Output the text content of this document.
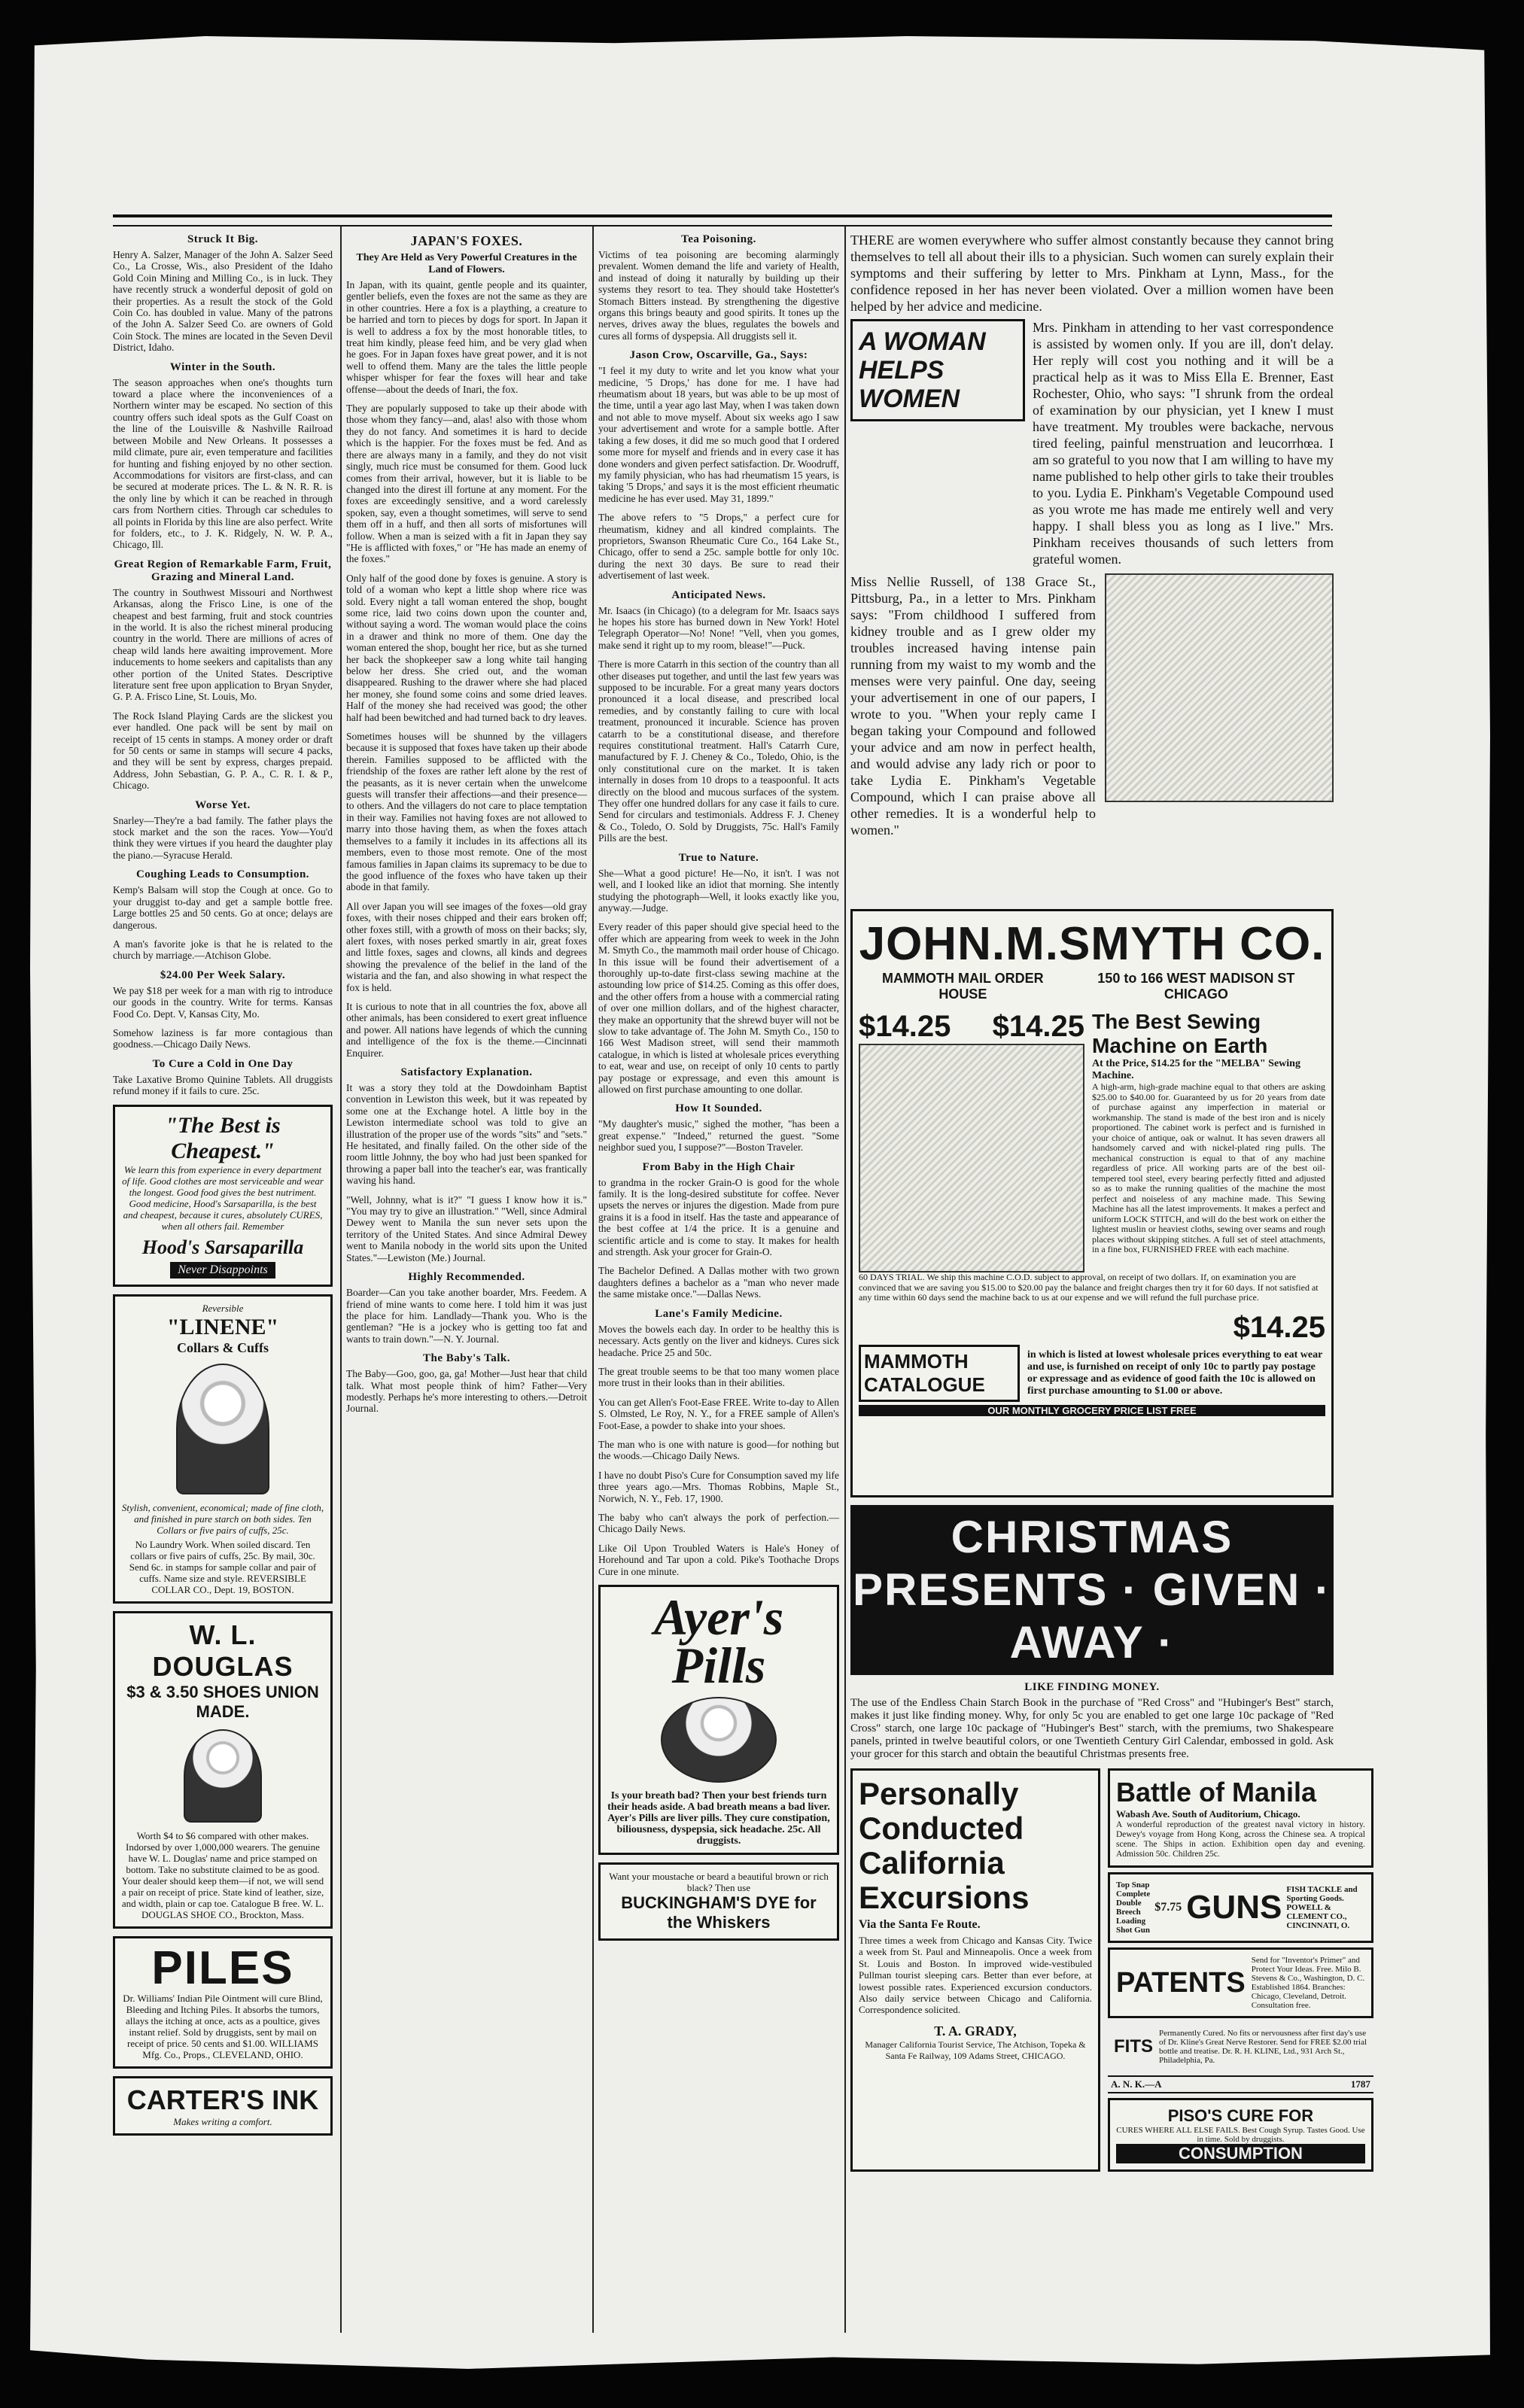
Struck It Big.

Henry A. Salzer, Manager of the John A. Salzer Seed Co., La Crosse, Wis., also President of the Idaho Gold Coin Mining and Milling Co., is in luck. They have recently struck a wonderful deposit of gold on their properties. As a result the stock of the Gold Coin Co. has doubled in value. Many of the patrons of the John A. Salzer Seed Co. are owners of Gold Coin Stock. The mines are located in the Seven Devil District, Idaho.

Winter in the South.

The season approaches when one's thoughts turn toward a place where the inconveniences of a Northern winter may be escaped. No section of this country offers such ideal spots as the Gulf Coast on the line of the Louisville & Nashville Railroad between Mobile and New Orleans. It possesses a mild climate, pure air, even temperature and facilities for hunting and fishing enjoyed by no other section. Accommodations for visitors are first-class, and can be secured at moderate prices. The L. & N. R. R. is the only line by which it can be reached in through cars from Northern cities. Through car schedules to all points in Florida by this line are also perfect. Write for folders, etc., to J. K. Ridgely, N. W. P. A., Chicago, Ill.

Great Region of Remarkable Farm, Fruit, Grazing and Mineral Land.

The country in Southwest Missouri and Northwest Arkansas, along the Frisco Line, is one of the cheapest and best farming, fruit and stock countries in the world. It is also the richest mineral producing country in the world. There are millions of acres of cheap wild lands here awaiting improvement. More inducements to home seekers and capitalists than any other portion of the United States. Descriptive literature sent free upon application to Bryan Snyder, G. P. A. Frisco Line, St. Louis, Mo.

The Rock Island Playing Cards are the slickest you ever handled. One pack will be sent by mail on receipt of 15 cents in stamps. A money order or draft for 50 cents or same in stamps will secure 4 packs, and they will be sent by express, charges prepaid. Address, John Sebastian, G. P. A., C. R. I. & P., Chicago.

Worse Yet.

Snarley—They're a bad family. The father plays the stock market and the son the races. Yow—You'd think they were virtues if you heard the daughter play the piano.—Syracuse Herald.

Coughing Leads to Consumption.

Kemp's Balsam will stop the Cough at once. Go to your druggist to-day and get a sample bottle free. Large bottles 25 and 50 cents. Go at once; delays are dangerous.

A man's favorite joke is that he is related to the church by marriage.—Atchison Globe.

$24.00 Per Week Salary.

We pay $18 per week for a man with rig to introduce our goods in the country. Write for terms. Kansas Food Co. Dept. V, Kansas City, Mo.

Somehow laziness is far more contagious than goodness.—Chicago Daily News.

To Cure a Cold in One Day

Take Laxative Bromo Quinine Tablets. All druggists refund money if it fails to cure. 25c.

"The Best is Cheapest."
We learn this from experience in every department of life. Good clothes are most serviceable and wear the longest. Good food gives the best nutriment. Good medicine, Hood's Sarsaparilla, is the best and cheapest, because it cures, absolutely CURES, when all others fail. Remember
Hood's Sarsaparilla
Never Disappoints
Reversible
"LINENE"
Collars & Cuffs
Stylish, convenient, economical; made of fine cloth, and finished in pure starch on both sides. Ten Collars or five pairs of cuffs, 25c.
No Laundry Work. When soiled discard. Ten collars or five pairs of cuffs, 25c. By mail, 30c. Send 6c. in stamps for sample collar and pair of cuffs. Name size and style. REVERSIBLE COLLAR CO., Dept. 19, BOSTON.
W. L. DOUGLAS
$3 & 3.50 SHOES UNION MADE.
Worth $4 to $6 compared with other makes. Indorsed by over 1,000,000 wearers. The genuine have W. L. Douglas' name and price stamped on bottom. Take no substitute claimed to be as good. Your dealer should keep them—if not, we will send a pair on receipt of price. State kind of leather, size, and width, plain or cap toe. Catalogue B free. W. L. DOUGLAS SHOE CO., Brockton, Mass.
PILES
Dr. Williams' Indian Pile Ointment will cure Blind, Bleeding and Itching Piles. It absorbs the tumors, allays the itching at once, acts as a poultice, gives instant relief. Sold by druggists, sent by mail on receipt of price. 50 cents and $1.00. WILLIAMS Mfg. Co., Props., CLEVELAND, OHIO.
CARTER'S INK
Makes writing a comfort.
JAPAN'S FOXES.
They Are Held as Very Powerful Creatures in the Land of Flowers.

In Japan, with its quaint, gentle people and its quainter, gentler beliefs, even the foxes are not the same as they are in other countries. Here a fox is a plaything, a creature to be harried and torn to pieces by dogs for sport. In Japan it is well to address a fox by the most honorable titles, to treat him kindly, please feed him, and be very glad when he goes. For in Japan foxes have great power, and it is not well to offend them. Many are the tales the little people whisper whisper for fear the foxes will hear and take offense—about the deeds of Inari, the fox.

They are popularly supposed to take up their abode with those whom they fancy—and, alas! also with those whom they do not fancy. And sometimes it is hard to decide which is the happier. For the foxes must be fed. And as there are always many in a family, and they do not visit singly, much rice must be consumed for them. Good luck comes from their arrival, however, but it is liable to be changed into the direst ill fortune at any moment. For the foxes are exceedingly sensitive, and a word carelessly spoken, say, even a thought sometimes, will serve to send them off in a huff, and then all sorts of misfortunes will follow. When a man is seized with a fit in Japan they say "He is afflicted with foxes," or "He has made an enemy of the foxes."

Only half of the good done by foxes is genuine. A story is told of a woman who kept a little shop where rice was sold. Every night a tall woman entered the shop, bought some rice, laid two coins down upon the counter and, without saying a word. The woman would place the coins in a drawer and think no more of them. One day the woman entered the shop, bought her rice, but as she turned her back the shopkeeper saw a long white tail hanging below her dress. She cried out, and the woman disappeared. Rushing to the drawer where she had placed her money, she found some coins and some dried leaves. Half of the money she had received was good; the other half had been bewitched and had turned back to dry leaves.

Sometimes houses will be shunned by the villagers because it is supposed that foxes have taken up their abode therein. Families supposed to be afflicted with the friendship of the foxes are rather left alone by the rest of the peasants, as it is never certain when the unwelcome guests will transfer their affections—and their presence—to others. And the villagers do not care to place temptation in their way. Families not having foxes are not allowed to marry into those having them, as when the foxes attach themselves to a family it includes in its affections all its members, even to those most remote. One of the most famous families in Japan claims its supremacy to be due to the good influence of the foxes who have taken up their abode in that family.

All over Japan you will see images of the foxes—old gray foxes, with their noses chipped and their ears broken off; other foxes still, with a growth of moss on their backs; sly, alert foxes, with noses perked smartly in air, great foxes and little foxes, sages and clowns, all kinds and degrees showing the prevalence of the belief in the land of the wistaria and the fan, and also showing in what respect the fox is held.

It is curious to note that in all countries the fox, above all other animals, has been considered to exert great influence and power. All nations have legends of which the cunning and intelligence of the fox is the theme.—Cincinnati Enquirer.

Satisfactory Explanation.

It was a story they told at the Dowdoinham Baptist convention in Lewiston this week, but it was repeated by some one at the Exchange hotel. A little boy in the Lewiston intermediate school was told to give an illustration of the proper use of the words "sits" and "sets." He hesitated, and finally failed. On the other side of the room little Johnny, the boy who had just been spanked for throwing a paper ball into the teacher's ear, was frantically waving his hand.

"Well, Johnny, what is it?" "I guess I know how it is." "You may try to give an illustration." "Well, since Admiral Dewey went to Manila the sun never sets upon the territory of the United States. And since Admiral Dewey went to Manila nobody in the world sits upon the United States."—Lewiston (Me.) Journal.

Highly Recommended.

Boarder—Can you take another boarder, Mrs. Feedem. A friend of mine wants to come here. I told him it was just the place for him. Landlady—Thank you. Who is the gentleman? "He is a jockey who is getting too fat and wants to train down."—N. Y. Journal.

The Baby's Talk.

The Baby—Goo, goo, ga, ga! Mother—Just hear that child talk. What most people think of him? Father—Very modestly. Perhaps he's more interesting to others.—Detroit Journal.

Tea Poisoning.

Victims of tea poisoning are becoming alarmingly prevalent. Women demand the life and variety of Health, and instead of doing it naturally by building up their systems they resort to tea. They should take Hostetter's Stomach Bitters instead. By strengthening the digestive organs this brings beauty and good spirits. It tones up the nerves, drives away the blues, regulates the bowels and cures all forms of dyspepsia. All druggists sell it.

Jason Crow, Oscarville, Ga., Says:

"I feel it my duty to write and let you know what your medicine, '5 Drops,' has done for me. I have had rheumatism about 18 years, but was able to be up most of the time, until a year ago last May, when I was taken down and not able to move myself. About six weeks ago I saw your advertisement and wrote for a sample bottle. After taking a few doses, it did me so much good that I ordered some more for myself and friends and in every case it has done wonders and given perfect satisfaction. Dr. Woodruff, my family physician, who has had rheumatism 15 years, is taking '5 Drops,' and says it is the most efficient rheumatic medicine he has ever used. May 31, 1899."

The above refers to "5 Drops," a perfect cure for rheumatism, kidney and all kindred complaints. The proprietors, Swanson Rheumatic Cure Co., 164 Lake St., Chicago, offer to send a 25c. sample bottle for only 10c. during the next 30 days. Be sure to read their advertisement of last week.

Anticipated News.

Mr. Isaacs (in Chicago) (to a delegram for Mr. Isaacs says he hopes his store has burned down in New York! Hotel Telegraph Operator—No! None! "Vell, vhen you gomes, make send it right up to my room, blease!"—Puck.

There is more Catarrh in this section of the country than all other diseases put together, and until the last few years was supposed to be incurable. For a great many years doctors pronounced it a local disease, and prescribed local remedies, and by constantly failing to cure with local treatment, pronounced it incurable. Science has proven catarrh to be a constitutional disease, and therefore requires constitutional treatment. Hall's Catarrh Cure, manufactured by F. J. Cheney & Co., Toledo, Ohio, is the only constitutional cure on the market. It is taken internally in doses from 10 drops to a teaspoonful. It acts directly on the blood and mucous surfaces of the system. They offer one hundred dollars for any case it fails to cure. Send for circulars and testimonials. Address F. J. Cheney & Co., Toledo, O. Sold by Druggists, 75c. Hall's Family Pills are the best.

True to Nature.

She—What a good picture! He—No, it isn't. I was not well, and I looked like an idiot that morning. She intently studying the photograph—Well, it looks exactly like you, anyway.—Judge.

Every reader of this paper should give special heed to the offer which are appearing from week to week in the John M. Smyth Co., the mammoth mail order house of Chicago. In this issue will be found their advertisement of a thoroughly up-to-date first-class sewing machine at the astounding low price of $14.25. Coming as this offer does, and the other offers from a house with a commercial rating of over one million dollars, and of the highest character, they make an opportunity that the shrewd buyer will not be slow to take advantage of. The John M. Smyth Co., 150 to 166 West Madison street, will send their mammoth catalogue, in which is listed at wholesale prices everything to eat, wear and use, on receipt of only 10 cents to partly pay postage or expressage, and even this amount is allowed on first purchase amounting to one dollar.

How It Sounded.

"My daughter's music," sighed the mother, "has been a great expense." "Indeed," returned the guest. "Some neighbor sued you, I suppose?"—Boston Traveler.

From Baby in the High Chair

to grandma in the rocker Grain-O is good for the whole family. It is the long-desired substitute for coffee. Never upsets the nerves or injures the digestion. Made from pure grains it is a food in itself. Has the taste and appearance of the best coffee at 1/4 the price. It is a genuine and scientific article and is come to stay. It makes for health and strength. Ask your grocer for Grain-O.

The Bachelor Defined. A Dallas mother with two grown daughters defines a bachelor as a "man who never made the same mistake once."—Dallas News.

Lane's Family Medicine.

Moves the bowels each day. In order to be healthy this is necessary. Acts gently on the liver and kidneys. Cures sick headache. Price 25 and 50c.

The great trouble seems to be that too many women place more trust in their looks than in their abilities.

You can get Allen's Foot-Ease FREE. Write to-day to Allen S. Olmsted, Le Roy, N. Y., for a FREE sample of Allen's Foot-Ease, a powder to shake into your shoes.

The man who is one with nature is good—for nothing but the woods.—Chicago Daily News.

I have no doubt Piso's Cure for Consumption saved my life three years ago.—Mrs. Thomas Robbins, Maple St., Norwich, N. Y., Feb. 17, 1900.

The baby who can't always the pork of perfection.—Chicago Daily News.

Like Oil Upon Troubled Waters is Hale's Honey of Horehound and Tar upon a cold. Pike's Toothache Drops Cure in one minute.

Ayer's Pills
Is your breath bad? Then your best friends turn their heads aside. A bad breath means a bad liver. Ayer's Pills are liver pills. They cure constipation, biliousness, dyspepsia, sick headache. 25c. All druggists.
Want your moustache or beard a beautiful brown or rich black? Then use
BUCKINGHAM'S DYE for the Whiskers

THERE are women everywhere who suffer almost constantly because they cannot bring themselves to tell all about their ills to a physician. Such women can surely explain their symptoms and their suffering by letter to Mrs. Pinkham at Lynn, Mass., for the confidence reposed in her has never been violated. Over a million women have been helped by her advice and medicine.

A WOMAN HELPS WOMEN

Mrs. Pinkham in attending to her vast correspondence is assisted by women only. If you are ill, don't delay. Her reply will cost you nothing and it will be a practical help as it was to Miss Ella E. Brenner, East Rochester, Ohio, who says: "I shrunk from the ordeal of examination by our physician, yet I knew I must have treatment. My troubles were backache, nervous tired feeling, painful menstruation and leucorrhœa. I am so grateful to you now that I am willing to have my name published to help other girls to take their troubles to you. Lydia E. Pinkham's Vegetable Compound used as you wrote me has made me entirely well and very happy. I shall bless you as long as I live." Mrs. Pinkham receives thousands of such letters from grateful women.

Miss Nellie Russell, of 138 Grace St., Pittsburg, Pa., in a letter to Mrs. Pinkham says: "From childhood I suffered from kidney trouble and as I grew older my troubles increased having intense pain running from my waist to my womb and the menses were very painful. One day, seeing your advertisement in one of our papers, I wrote to you. "When your reply came I began taking your Compound and followed your advice and am now in perfect health, and would advise any lady rich or poor to take Lydia E. Pinkham's Vegetable Compound, which I can praise above all other remedies. It is a wonderful help to women."

JOHN.M.SMYTH CO.
MAMMOTH MAIL ORDER HOUSE
150 to 166 WEST MADISON ST CHICAGO
$14.25 $14.25 The Best Sewing Machine on Earth
At the Price, $14.25 for the "MELBA" Sewing Machine.

A high-arm, high-grade machine equal to that others are asking $25.00 to $40.00 for. Guaranteed by us for 20 years from date of purchase against any imperfection in material or workmanship. The stand is made of the best iron and is nicely proportioned. The cabinet work is perfect and is furnished in your choice of antique, oak or walnut. It has seven drawers all handsomely carved and with nickel-plated ring pulls. The mechanical construction is equal to that of any machine regardless of price. All working parts are of the best oil-tempered tool steel, every bearing perfectly fitted and adjusted so as to make the running qualities of the machine the most perfect and noiseless of any machine made. This Sewing Machine has all the latest improvements. It makes a perfect and uniform LOCK STITCH, and will do the best work on either the lightest muslin or heaviest cloths, sewing over seams and rough places without skipping stitches. A full set of steel attachments, in a fine box, FURNISHED FREE with each machine.

60 DAYS TRIAL. We ship this machine C.O.D. subject to approval, on receipt of two dollars. If, on examination you are convinced that we are saving you $15.00 to $20.00 pay the balance and freight charges then try it for 60 days. If not satisfied at any time within 60 days send the machine back to us at our expense and we will refund the full purchase price.

$14.25
MAMMOTH CATALOGUE
in which is listed at lowest wholesale prices everything to eat wear and use, is furnished on receipt of only 10c to partly pay postage or expressage and as evidence of good faith the 10c is allowed on first purchase amounting to $1.00 or above.
OUR MONTHLY GROCERY PRICE LIST FREE
CHRISTMAS PRESENTS · GIVEN · AWAY ·
LIKE FINDING MONEY.

The use of the Endless Chain Starch Book in the purchase of "Red Cross" and "Hubinger's Best" starch, makes it just like finding money. Why, for only 5c you are enabled to get one large 10c package of "Red Cross" starch, one large 10c package of "Hubinger's Best" starch, with the premiums, two Shakespeare panels, printed in twelve beautiful colors, or one Twentieth Century Girl Calendar, embossed in gold. Ask your grocer for this starch and obtain the beautiful Christmas presents free.

Personally Conducted California Excursions
Via the Santa Fe Route.

Three times a week from Chicago and Kansas City. Twice a week from St. Paul and Minneapolis. Once a week from St. Louis and Boston. In improved wide-vestibuled Pullman tourist sleeping cars. Better than ever before, at lowest possible rates. Experienced excursion conductors. Also daily service between Chicago and California. Correspondence solicited.

T. A. GRADY,
Manager California Tourist Service, The Atchison, Topeka & Santa Fe Railway, 109 Adams Street, CHICAGO.
Battle of Manila
Wabash Ave. South of Auditorium, Chicago.

A wonderful reproduction of the greatest naval victory in history. Dewey's voyage from Hong Kong, across the Chinese sea. A tropical scene. The Ships in action. Exhibition open day and evening. Admission 50c. Children 25c.

Top Snap Complete Double Breech Loading Shot Gun
$7.75 GUNS FISH TACKLE and Sporting Goods. POWELL & CLEMENT CO., CINCINNATI, O.
PATENTS
Send for "Inventor's Primer" and Protect Your Ideas. Free. Milo B. Stevens & Co., Washington, D. C. Established 1864. Branches: Chicago, Cleveland, Detroit. Consultation free.
FITS
Permanently Cured. No fits or nervousness after first day's use of Dr. Kline's Great Nerve Restorer. Send for FREE $2.00 trial bottle and treatise. Dr. R. H. KLINE, Ltd., 931 Arch St., Philadelphia, Pa.
A. N. K.—A	1787
PISO'S CURE FOR
CURES WHERE ALL ELSE FAILS. Best Cough Syrup. Tastes Good. Use in time. Sold by druggists.
CONSUMPTION
